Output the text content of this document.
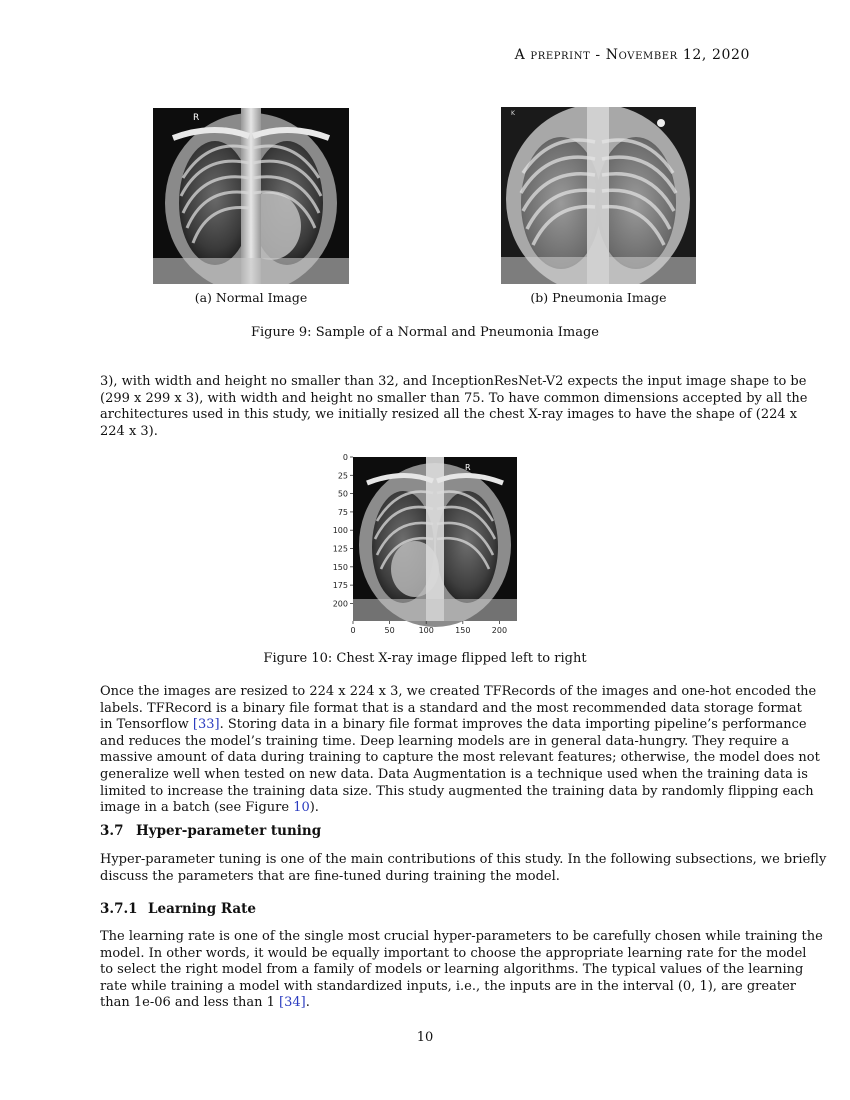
A preprint - November 12, 2020
R
(a) Normal Image
K
(b) Pneumonia Image
Figure 9: Sample of a Normal and Pneumonia Image
3), with width and height no smaller than 32, and InceptionResNet-V2 expects the input image shape to be
(299 x 299 x 3), with width and height no smaller than 75. To have common dimensions accepted by all the
architectures used in this study, we initially resized all the chest X-ray images to have the shape of (224 x
224 x 3).
R
0
25
50
75
100
125
150
175
200
0	50	100	150	200
Figure 10: Chest X-ray image flipped left to right
Once the images are resized to 224 x 224 x 3, we created TFRecords of the images and one-hot encoded the
labels. TFRecord is a binary file format that is a standard and the most recommended data storage format
in Tensorflow [33]. Storing data in a binary file format improves the data importing pipeline’s performance
and reduces the model’s training time. Deep learning models are in general data-hungry. They require a
massive amount of data during training to capture the most relevant features; otherwise, the model does not
generalize well when tested on new data. Data Augmentation is a technique used when the training data is
limited to increase the training data size. This study augmented the training data by randomly flipping each
image in a batch (see Figure 10).
3.7 Hyper-parameter tuning
Hyper-parameter tuning is one of the main contributions of this study. In the following subsections, we briefly
discuss the parameters that are fine-tuned during training the model.
3.7.1 Learning Rate
The learning rate is one of the single most crucial hyper-parameters to be carefully chosen while training the
model. In other words, it would be equally important to choose the appropriate learning rate for the model
to select the right model from a family of models or learning algorithms. The typical values of the learning
rate while training a model with standardized inputs, i.e., the inputs are in the interval (0, 1), are greater
than 1e-06 and less than 1 [34].
10
